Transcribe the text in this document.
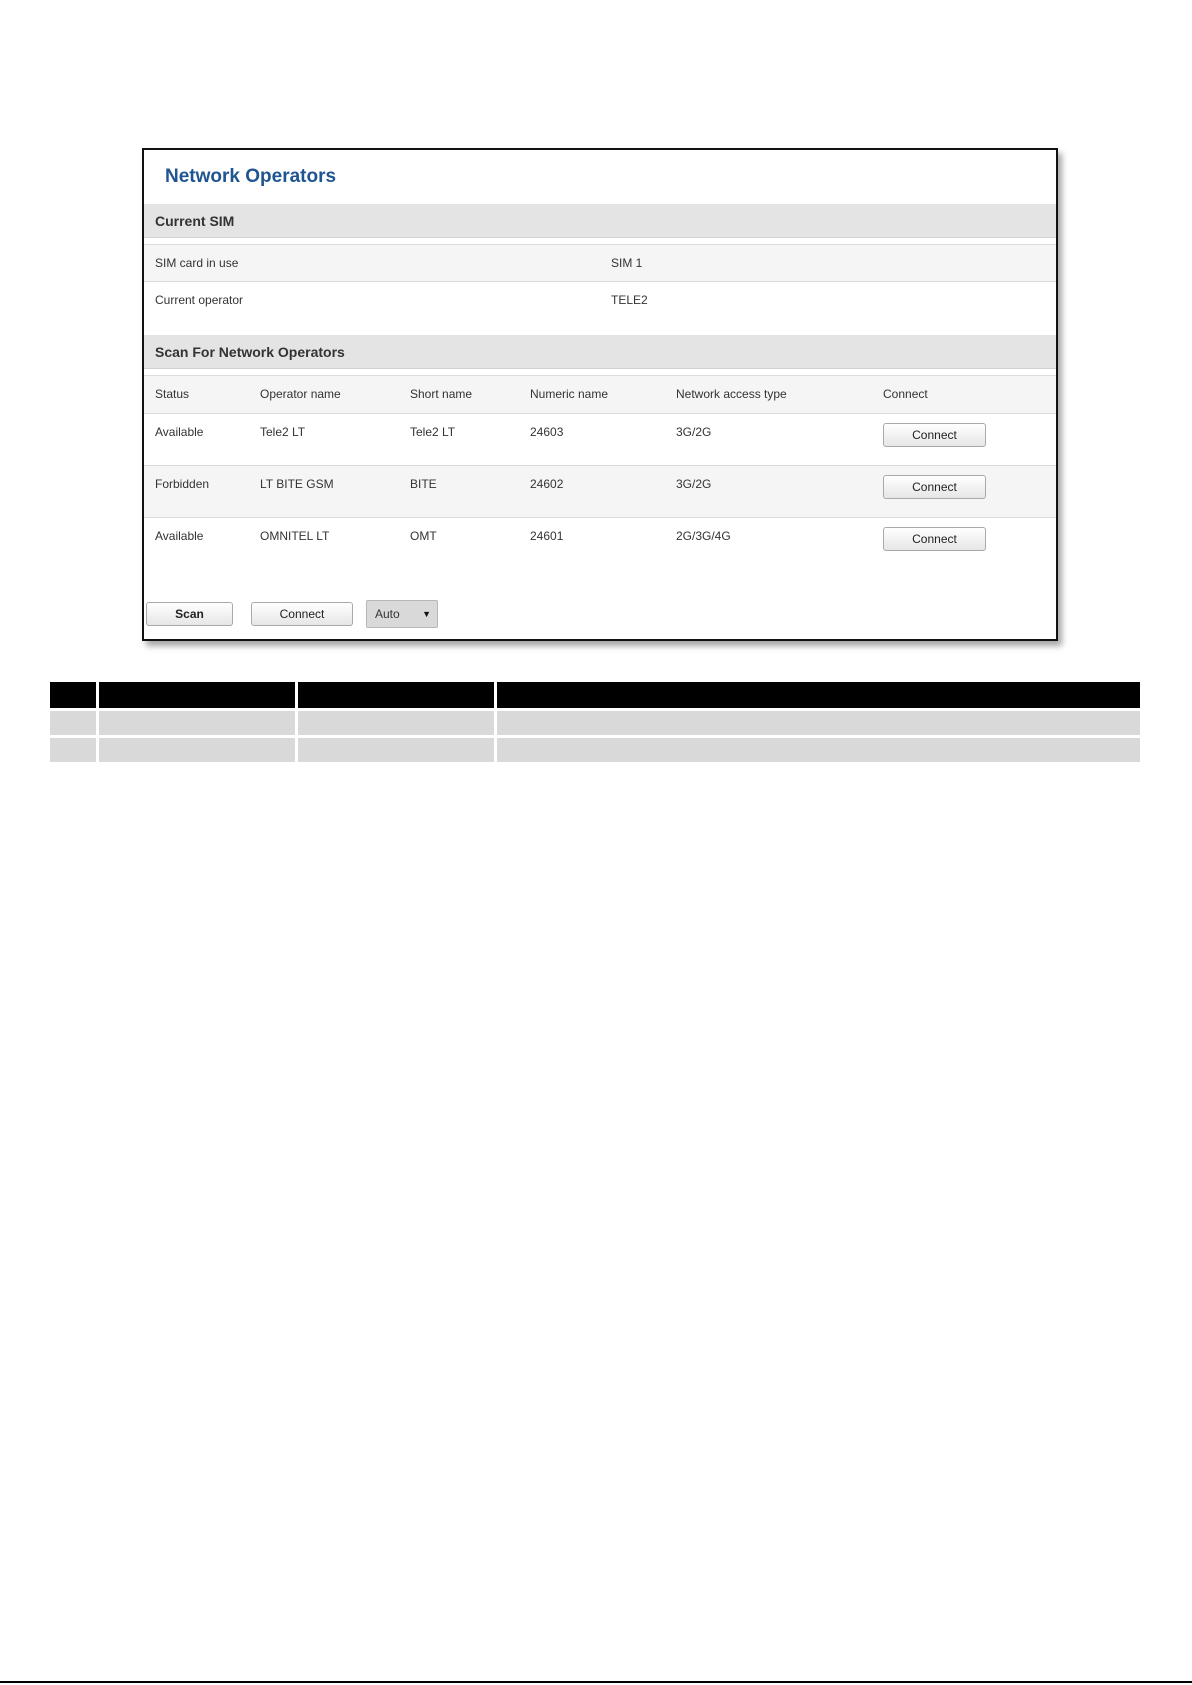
Network Operators
Current SIM
SIM card in use	SIM 1
Current operator	TELE2
Scan For Network Operators
Status	Operator name	Short name	Numeric name	Network access type	Connect
Available	Tele2 LT	Tele2 LT	24603	3G/2G	Connect
Forbidden	LT BITE GSM	BITE	24602	3G/2G	Connect
Available	OMNITEL LT	OMT	24601	2G/3G/4G	Connect
Scan	Connect	Auto ▼
